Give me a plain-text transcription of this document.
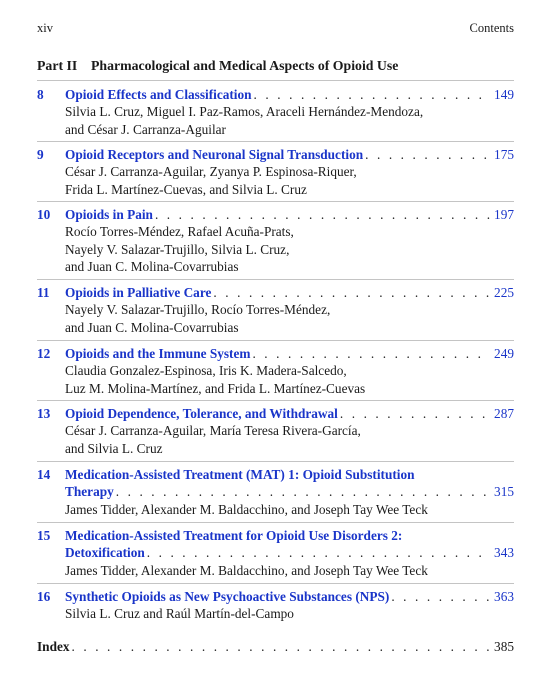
xiv	Contents
Part II Pharmacological and Medical Aspects of Opioid Use
8	Opioid Effects and Classification . . .	149
Silvia L. Cruz, Miguel I. Paz-Ramos, Araceli Hernández-Mendoza,
and César J. Carranza-Aguilar
9	Opioid Receptors and Neuronal Signal Transduction . . .	175
César J. Carranza-Aguilar, Zyanya P. Espinosa-Riquer,
Frida L. Martínez-Cuevas, and Silvia L. Cruz
10	Opioids in Pain . . .	197
Rocío Torres-Méndez, Rafael Acuña-Prats,
Nayely V. Salazar-Trujillo, Silvia L. Cruz,
and Juan C. Molina-Covarrubias
11	Opioids in Palliative Care . . .	225
Nayely V. Salazar-Trujillo, Rocío Torres-Méndez,
and Juan C. Molina-Covarrubias
12	Opioids and the Immune System . . .	249
Claudia Gonzalez-Espinosa, Iris K. Madera-Salcedo,
Luz M. Molina-Martínez, and Frida L. Martínez-Cuevas
13	Opioid Dependence, Tolerance, and Withdrawal . . .	287
César J. Carranza-Aguilar, María Teresa Rivera-García,
and Silvia L. Cruz
14	Medication-Assisted Treatment (MAT) 1: Opioid Substitution
Therapy . . .	315
James Tidder, Alexander M. Baldacchino, and Joseph Tay Wee Teck
15	Medication-Assisted Treatment for Opioid Use Disorders 2:
Detoxification . . .	343
James Tidder, Alexander M. Baldacchino, and Joseph Tay Wee Teck
16	Synthetic Opioids as New Psychoactive Substances (NPS) . . .	363
Silvia L. Cruz and Raúl Martín-del-Campo
Index . . .	385
